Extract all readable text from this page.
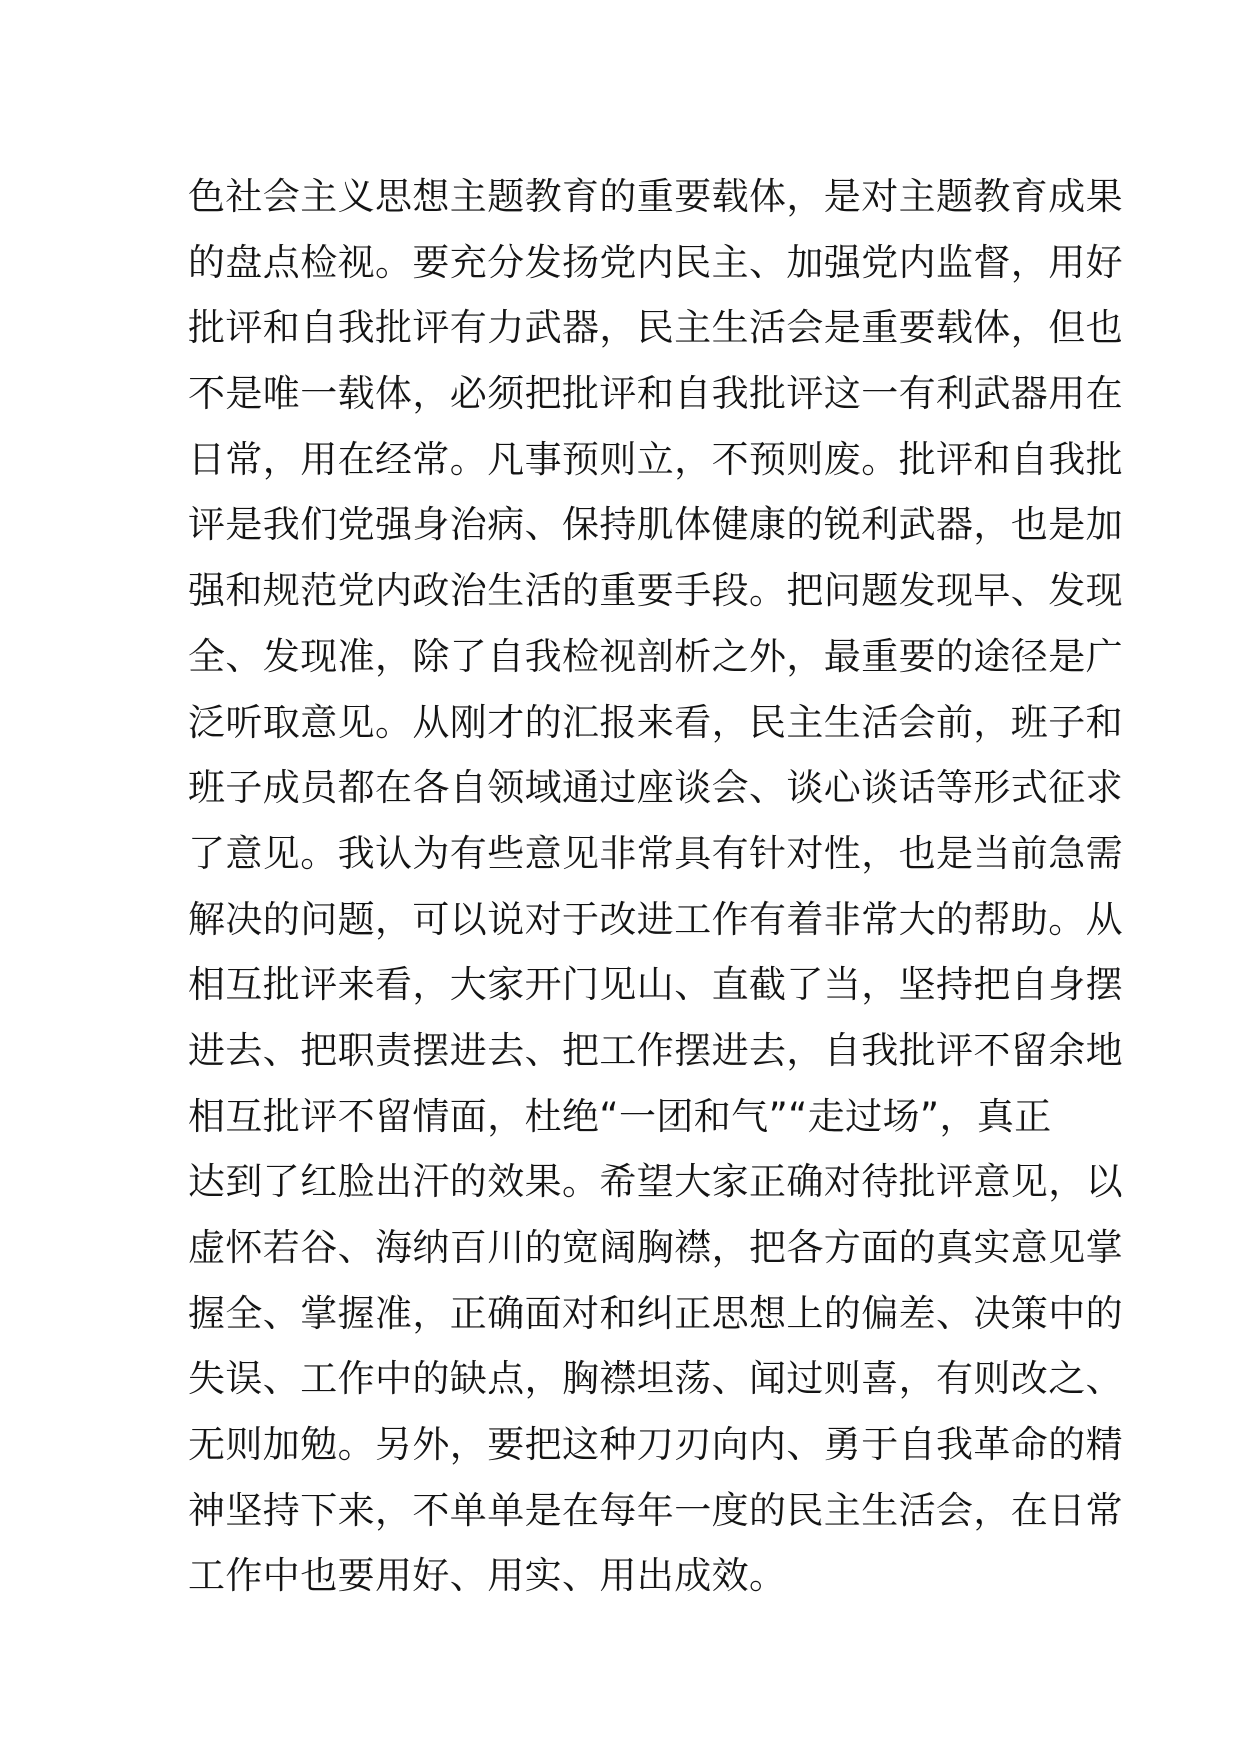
色社会主义思想主题教育的重要载体，是对主题教育成果
的盘点检视。要充分发扬党内民主、加强党内监督，用好
批评和自我批评有力武器，民主生活会是重要载体，但也
不是唯一载体，必须把批评和自我批评这一有利武器用在
日常，用在经常。凡事预则立，不预则废。批评和自我批
评是我们党强身治病、保持肌体健康的锐利武器，也是加
强和规范党内政治生活的重要手段。把问题发现早、发现
全、发现准，除了自我检视剖析之外，最重要的途径是广
泛听取意见。从刚才的汇报来看，民主生活会前，班子和
班子成员都在各自领域通过座谈会、谈心谈话等形式征求
了意见。我认为有些意见非常具有针对性，也是当前急需
解决的问题，可以说对于改进工作有着非常大的帮助。从
相互批评来看，大家开门见山、直截了当，坚持把自身摆
进去、把职责摆进去、把工作摆进去，自我批评不留余地
相互批评不留情面，杜绝“一团和气”“走过场”，真正
达到了红脸出汗的效果。希望大家正确对待批评意见，以
虚怀若谷、海纳百川的宽阔胸襟，把各方面的真实意见掌
握全、掌握准，正确面对和纠正思想上的偏差、决策中的
失误、工作中的缺点，胸襟坦荡、闻过则喜，有则改之、
无则加勉。另外，要把这种刀刃向内、勇于自我革命的精
神坚持下来，不单单是在每年一度的民主生活会，在日常
工作中也要用好、用实、用出成效。
